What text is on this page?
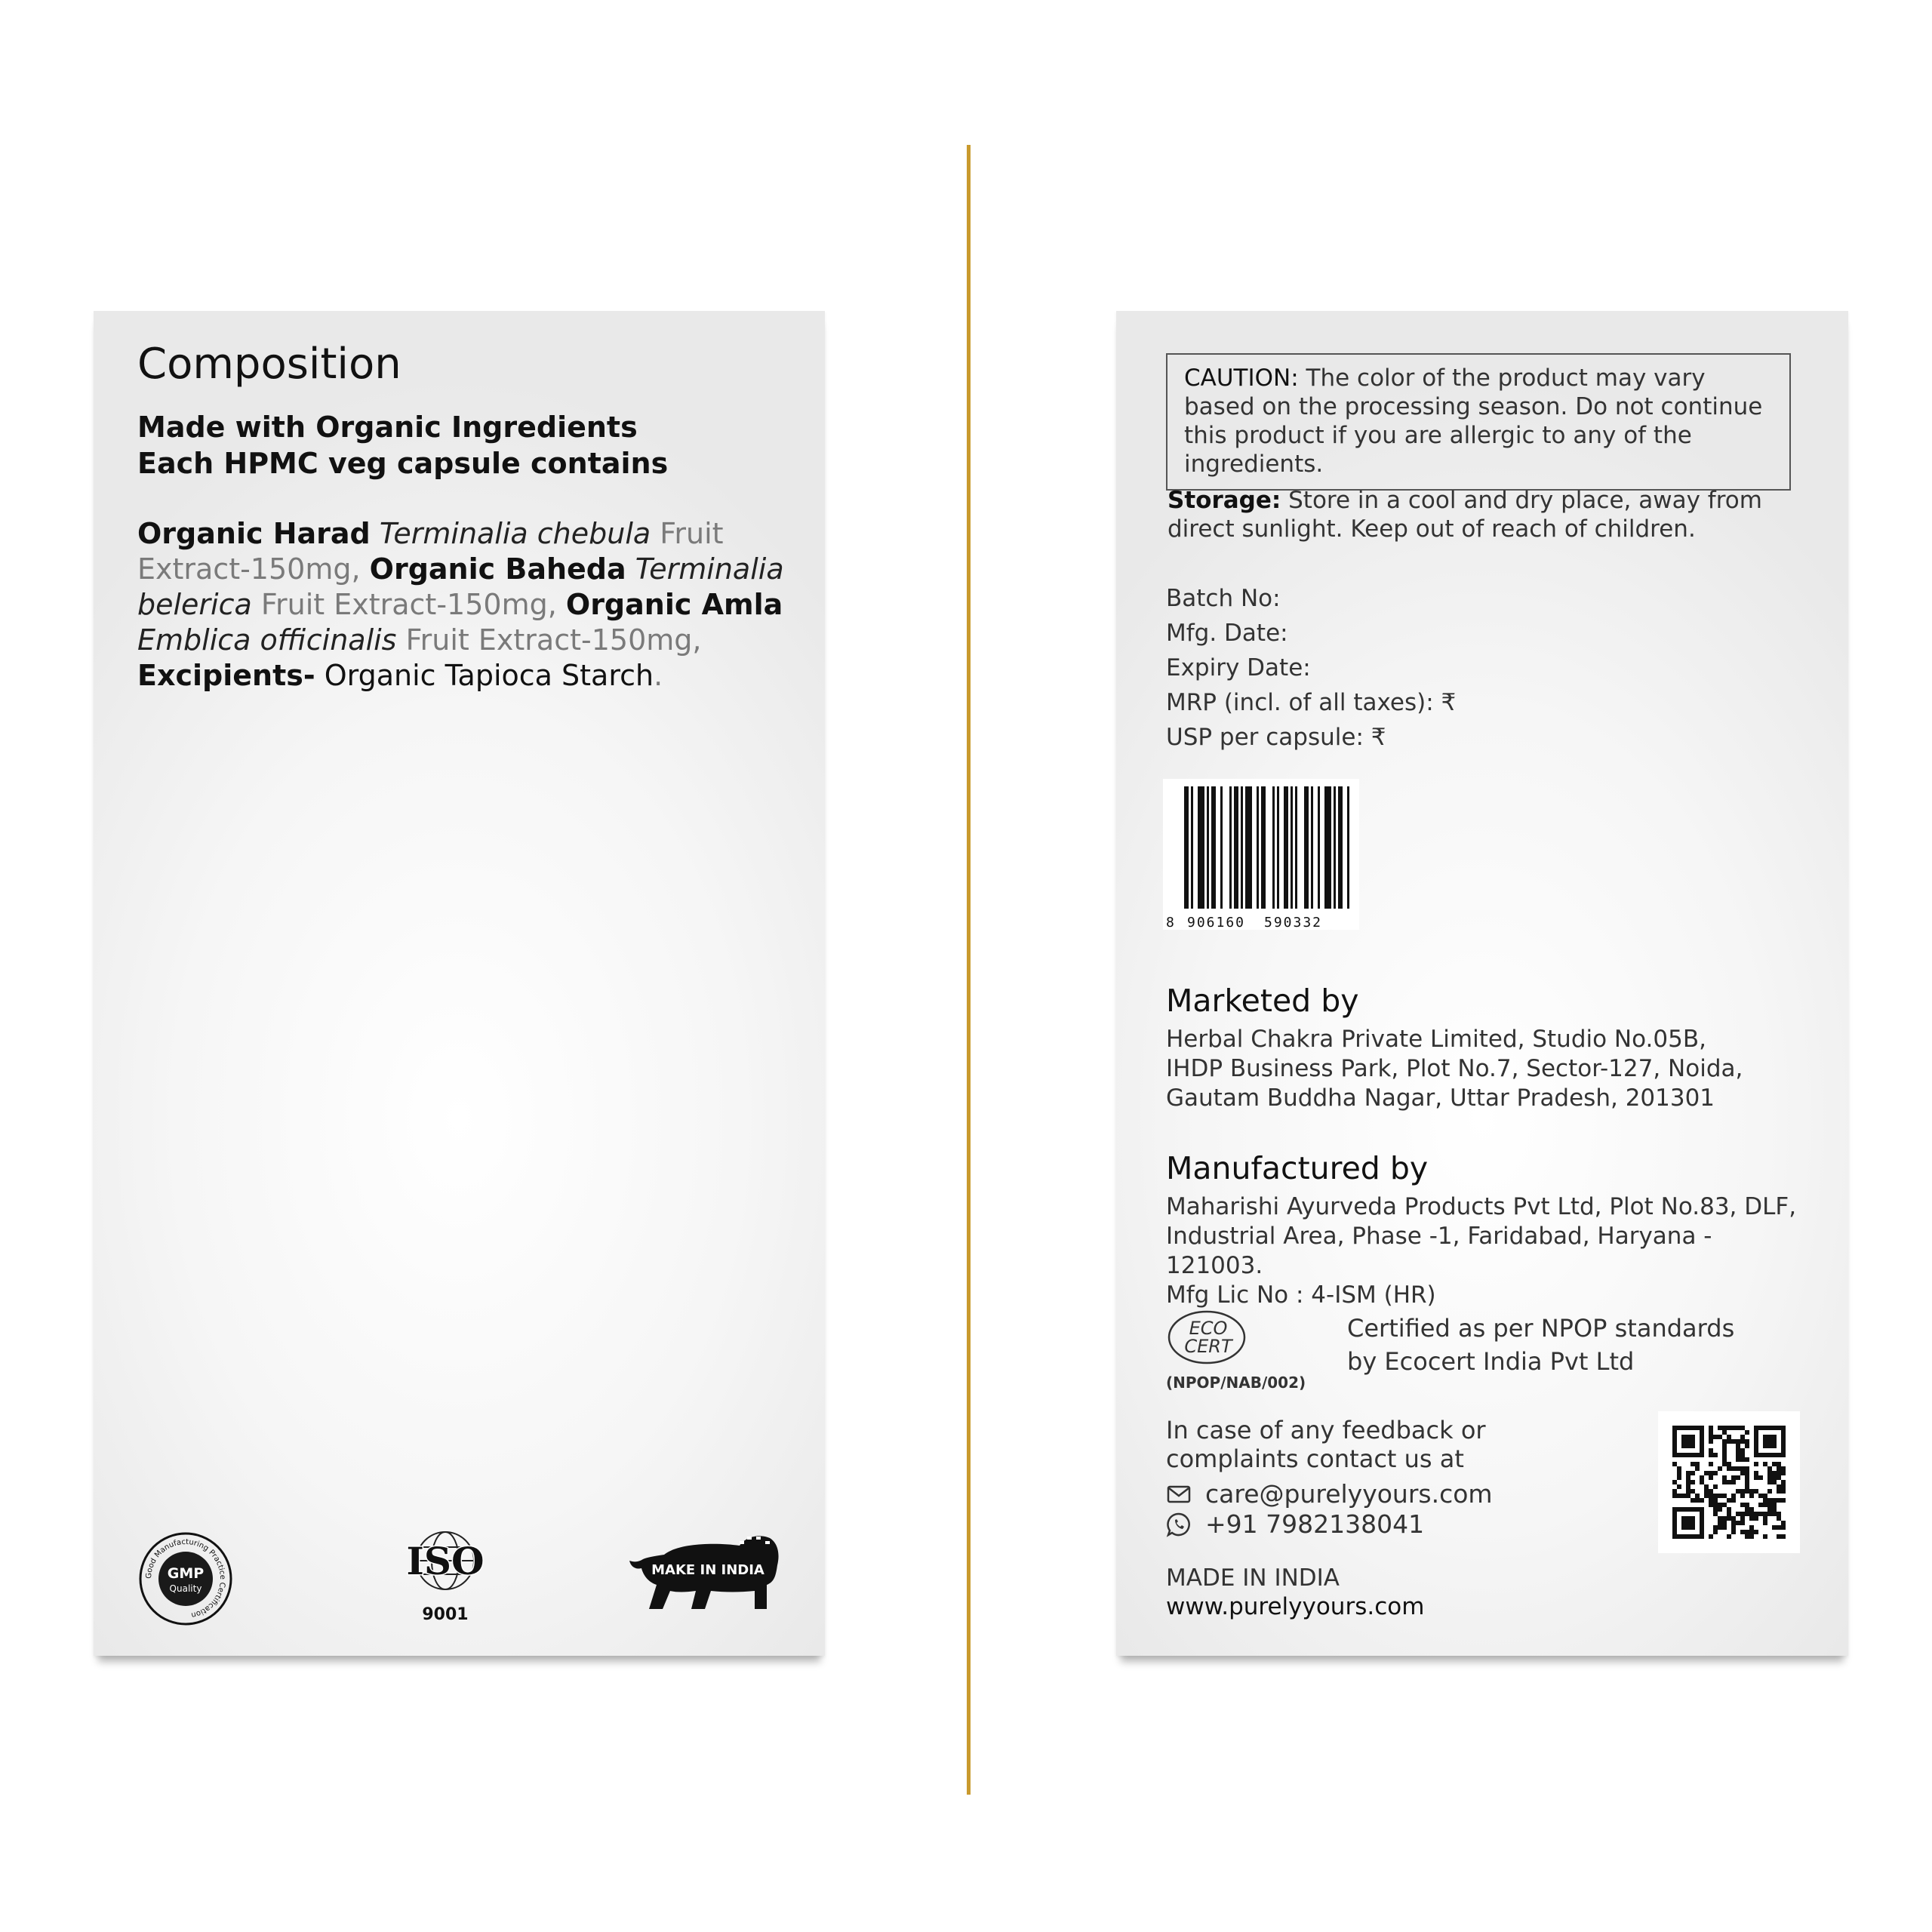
Composition
Made with Organic Ingredients
Each HPMC veg capsule contains
Organic Harad Terminalia chebula Fruit Extract-150mg, Organic Baheda Terminalia belerica Fruit Extract-150mg, Organic Amla Emblica officinalis Fruit Extract-150mg,
Excipients- Organic Tapioca Starch.
Good Manufacturing Practice Certification
GMP
Quality
ISO
9001
MAKE IN INDIA
CAUTION: The color of the product may vary based on the processing season. Do not continue this product if you are allergic to any of the ingredients.
Storage: Store in a cool and dry place, away from direct sunlight. Keep out of reach of children.
Batch No:
Mfg. Date:
Expiry Date:
MRP (incl. of all taxes): ₹
USP per capsule: ₹
8 906160 590332
Marketed by
Herbal Chakra Private Limited, Studio No.05B,
IHDP Business Park, Plot No.7, Sector-127, Noida,
Gautam Buddha Nagar, Uttar Pradesh, 201301
Manufactured by
Maharishi Ayurveda Products Pvt Ltd, Plot No.83, DLF,
Industrial Area, Phase -1, Faridabad, Haryana - 121003.
Mfg Lic No : 4-ISM (HR)
ECO
CERT
(NPOP/NAB/002)
Certified as per NPOP standards
by Ecocert India Pvt Ltd
In case of any feedback or
complaints contact us at
care@purelyyours.com
+91 7982138041
MADE IN INDIA
www.purelyyours.com
